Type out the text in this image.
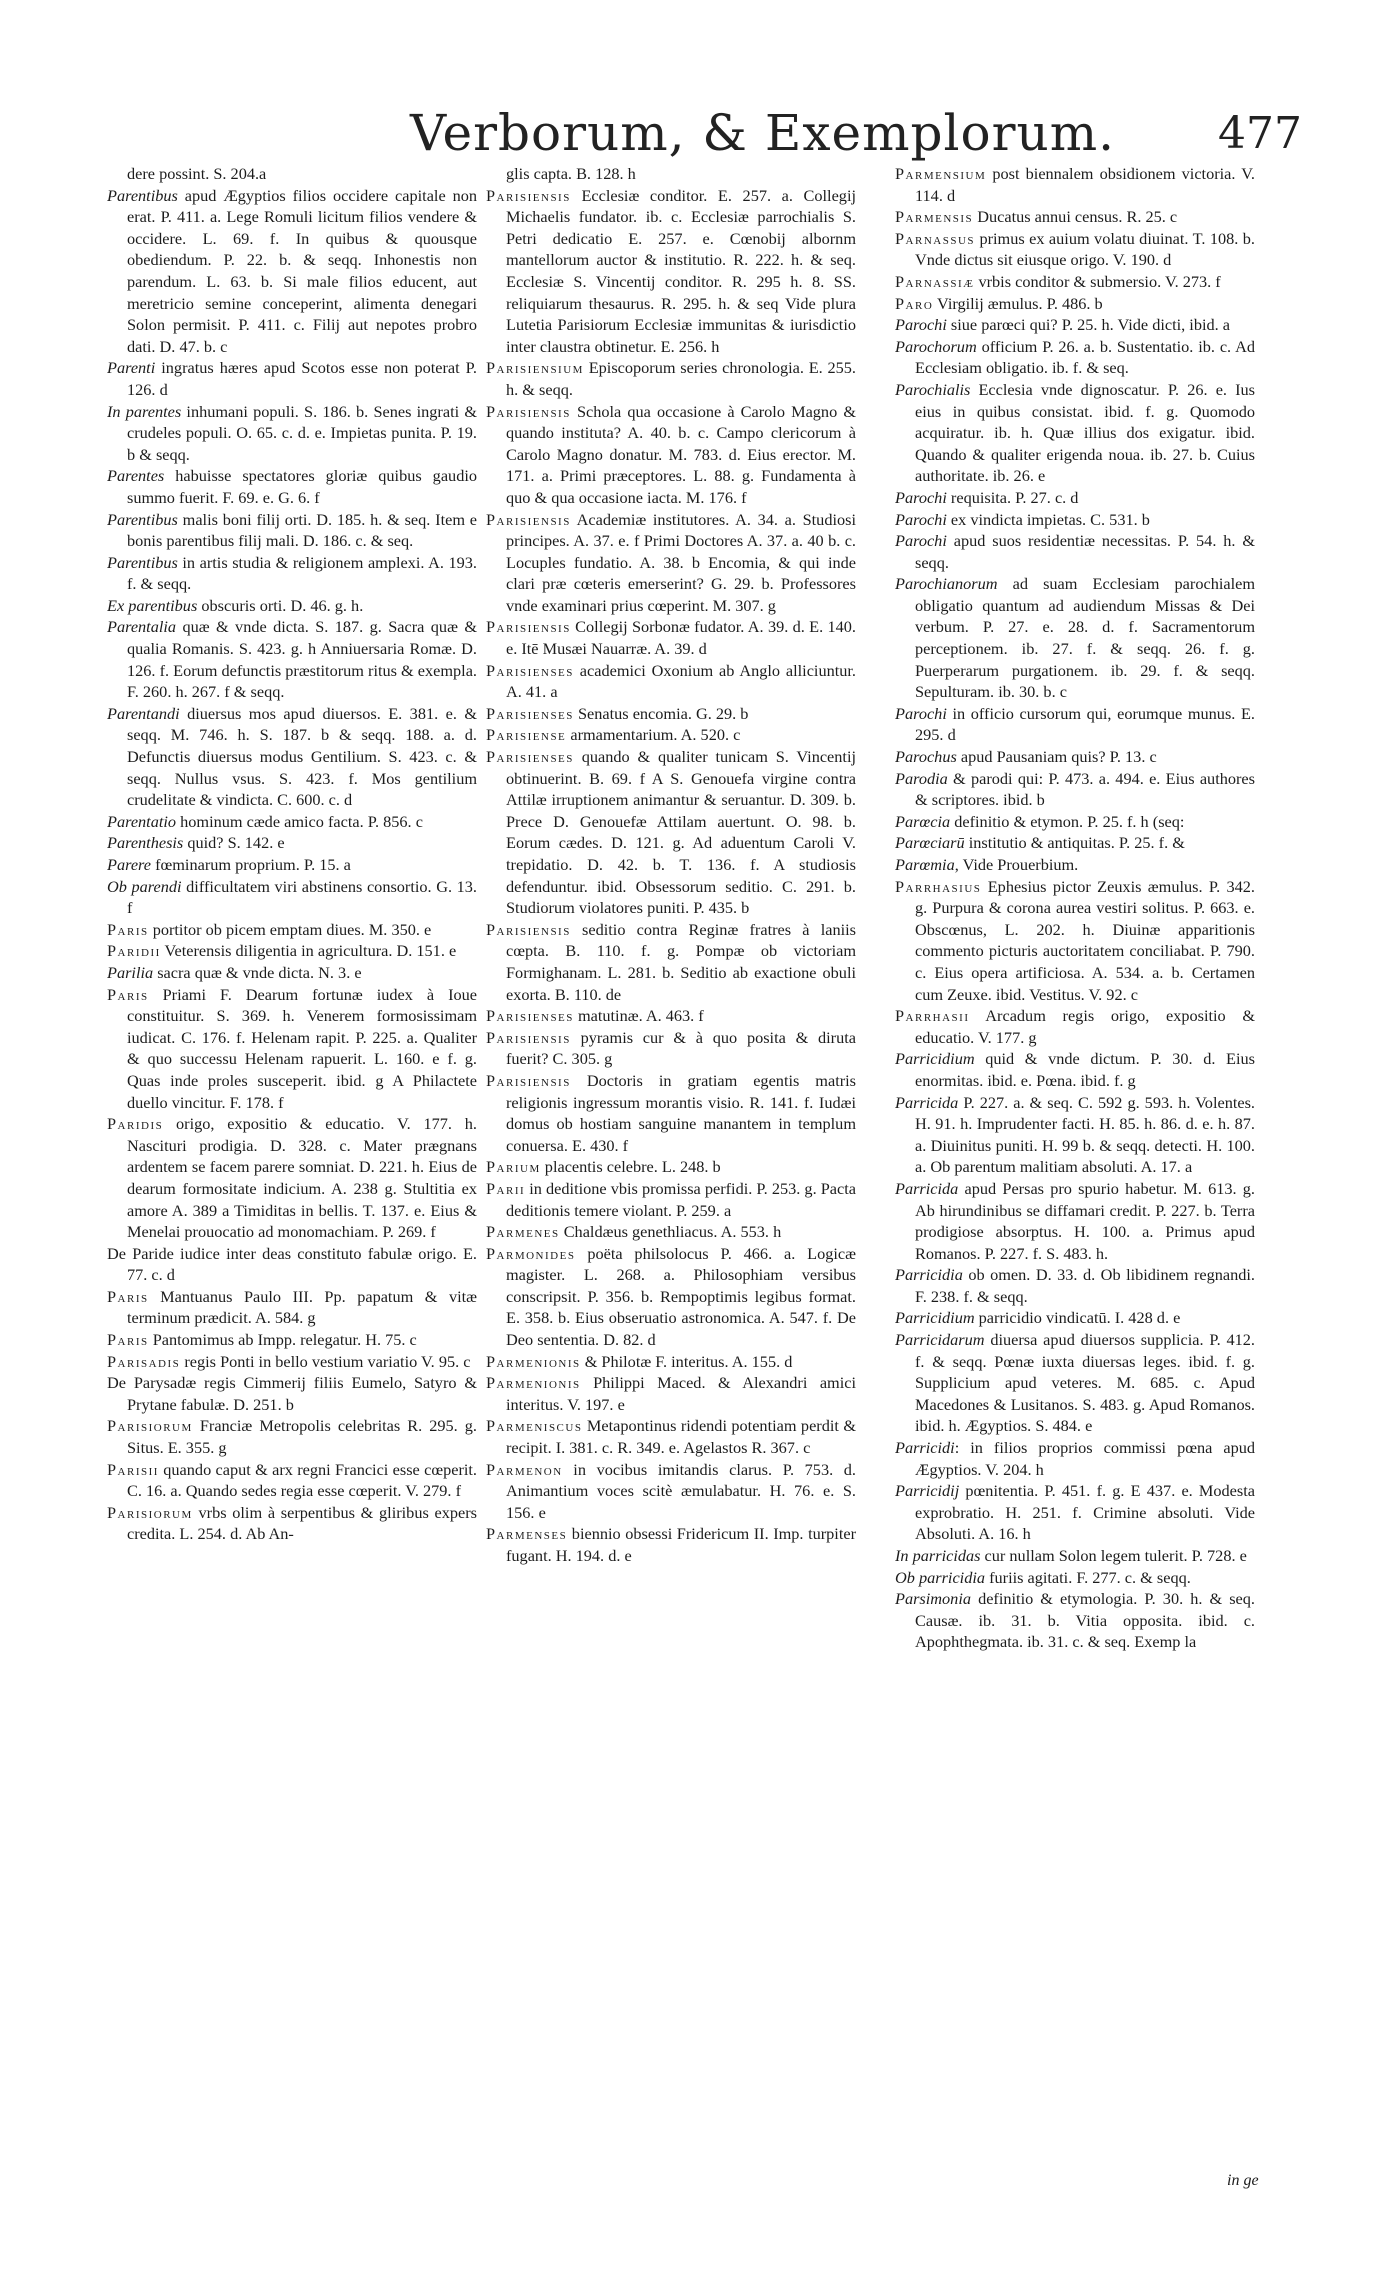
Verborum, & Exemplorum. 477

dere possint. S. 204.a

Parentibus apud Ægyptios filios occidere capitale non erat. P. 411. a. Lege Romuli licitum filios vendere & occidere. L. 69. f. In quibus & quousque obediendum. P. 22. b. & seqq. Inhonestis non parendum. L. 63. b. Si male filios educent, aut meretricio semine conceperint, alimenta denegari Solon permisit. P. 411. c. Filij aut nepotes probro dati. D. 47. b. c

Parenti ingratus hæres apud Scotos esse non poterat P. 126. d

In parentes inhumani populi. S. 186. b. Senes ingrati & crudeles populi. O. 65. c. d. e. Impietas punita. P. 19. b & seqq.

Parentes habuisse spectatores gloriæ quibus gaudio summo fuerit. F. 69. e. G. 6. f

Parentibus malis boni filij orti. D. 185. h. & seq. Item e bonis parentibus filij mali. D. 186. c. & seq.

Parentibus in artis studia & religionem amplexi. A. 193. f. & seqq.

Ex parentibus obscuris orti. D. 46. g. h.

Parentalia quæ & vnde dicta. S. 187. g. Sacra quæ & qualia Romanis. S. 423. g. h Anniuersaria Romæ. D. 126. f. Eorum defunctis præstitorum ritus & exempla. F. 260. h. 267. f & seqq.

Parentandi diuersus mos apud diuersos. E. 381. e. & seqq. M. 746. h. S. 187. b & seqq. 188. a. d. Defunctis diuersus modus Gentilium. S. 423. c. & seqq. Nullus vsus. S. 423. f. Mos gentilium crudelitate & vindicta. C. 600. c. d

Parentatio hominum cæde amico facta. P. 856. c

Parenthesis quid? S. 142. e

Parere fœminarum proprium. P. 15. a

Ob parendi difficultatem viri abstinens consortio. G. 13. f

Paris portitor ob picem emptam diues. M. 350. e

Paridii Veterensis diligentia in agricultura. D. 151. e

Parilia sacra quæ & vnde dicta. N. 3. e

Paris Priami F. Dearum fortunæ iudex à Ioue constituitur. S. 369. h. Venerem formosissimam iudicat. C. 176. f. Helenam rapit. P. 225. a. Qualiter & quo successu Helenam rapuerit. L. 160. e f. g. Quas inde proles susceperit. ibid. g A Philactete duello vincitur. F. 178. f

Paridis origo, expositio & educatio. V. 177. h. Nascituri prodigia. D. 328. c. Mater prægnans ardentem se facem parere somniat. D. 221. h. Eius de dearum formositate indicium. A. 238 g. Stultitia ex amore A. 389 a Timiditas in bellis. T. 137. e. Eius & Menelai prouocatio ad monomachiam. P. 269. f

De Paride iudice inter deas constituto fabulæ origo. E. 77. c. d

Paris Mantuanus Paulo III. Pp. papatum & vitæ terminum prædicit. A. 584. g

Paris Pantomimus ab Impp. relegatur. H. 75. c

Parisadis regis Ponti in bello vestium variatio V. 95. c

De Parysadæ regis Cimmerij filiis Eumelo, Satyro & Prytane fabulæ. D. 251. b

Parisiorum Franciæ Metropolis celebritas R. 295. g. Situs. E. 355. g

Parisii quando caput & arx regni Francici esse cœperit. C. 16. a. Quando sedes regia esse cœperit. V. 279. f

Parisiorum vrbs olim à serpentibus & gliribus expers credita. L. 254. d. Ab An-

glis capta. B. 128. h

Parisiensis Ecclesiæ conditor. E. 257. a. Collegij Michaelis fundator. ib. c. Ecclesiæ parrochialis S. Petri dedicatio E. 257. e. Cœnobij albornm mantellorum auctor & institutio. R. 222. h. & seq. Ecclesiæ S. Vincentij conditor. R. 295 h. 8. SS. reliquiarum thesaurus. R. 295. h. & seq Vide plura Lutetia Parisiorum Ecclesiæ immunitas & iurisdictio inter claustra obtinetur. E. 256. h

Parisiensium Episcoporum series chronologia. E. 255. h. & seqq.

Parisiensis Schola qua occasione à Carolo Magno & quando instituta? A. 40. b. c. Campo clericorum à Carolo Magno donatur. M. 783. d. Eius erector. M. 171. a. Primi præceptores. L. 88. g. Fundamenta à quo & qua occasione iacta. M. 176. f

Parisiensis Academiæ institutores. A. 34. a. Studiosi principes. A. 37. e. f Primi Doctores A. 37. a. 40 b. c. Locuples fundatio. A. 38. b Encomia, & qui inde clari præ cœteris emerserint? G. 29. b. Professores vnde examinari prius cœperint. M. 307. g

Parisiensis Collegij Sorbonæ fudator. A. 39. d. E. 140. e. Itē Musæi Nauarræ. A. 39. d

Parisienses academici Oxonium ab Anglo alliciuntur. A. 41. a

Parisienses Senatus encomia. G. 29. b

Parisiense armamentarium. A. 520. c

Parisienses quando & qualiter tunicam S. Vincentij obtinuerint. B. 69. f A S. Genouefa virgine contra Attilæ irruptionem animantur & seruantur. D. 309. b. Prece D. Genouefæ Attilam auertunt. O. 98. b. Eorum cædes. D. 121. g. Ad aduentum Caroli V. trepidatio. D. 42. b. T. 136. f. A studiosis defenduntur. ibid. Obsessorum seditio. C. 291. b. Studiorum violatores puniti. P. 435. b

Parisiensis seditio contra Reginæ fratres à laniis cœpta. B. 110. f. g. Pompæ ob victoriam Formighanam. L. 281. b. Seditio ab exactione obuli exorta. B. 110. de

Parisienses matutinæ. A. 463. f

Parisiensis pyramis cur & à quo posita & diruta fuerit? C. 305. g

Parisiensis Doctoris in gratiam egentis matris religionis ingressum morantis visio. R. 141. f. Iudæi domus ob hostiam sanguine manantem in templum conuersa. E. 430. f

Parium placentis celebre. L. 248. b

Parii in deditione vbis promissa perfidi. P. 253. g. Pacta deditionis temere violant. P. 259. a

Parmenes Chaldæus genethliacus. A. 553. h

Parmonides poëta philsolocus P. 466. a. Logicæ magister. L. 268. a. Philosophiam versibus conscripsit. P. 356. b. Rempoptimis legibus format. E. 358. b. Eius obseruatio astronomica. A. 547. f. De Deo sententia. D. 82. d

Parmenionis & Philotæ F. interitus. A. 155. d

Parmenionis Philippi Maced. & Alexandri amici interitus. V. 197. e

Parmeniscus Metapontinus ridendi potentiam perdit & recipit. I. 381. c. R. 349. e. Agelastos R. 367. c

Parmenon in vocibus imitandis clarus. P. 753. d. Animantium voces scitè æmulabatur. H. 76. e. S. 156. e

Parmenses biennio obsessi Fridericum II. Imp. turpiter fugant. H. 194. d. e

Parmensium post biennalem obsidionem victoria. V. 114. d

Parmensis Ducatus annui census. R. 25. c

Parnassus primus ex auium volatu diuinat. T. 108. b. Vnde dictus sit eiusque origo. V. 190. d

Parnassiæ vrbis conditor & submersio. V. 273. f

Paro Virgilij æmulus. P. 486. b

Parochi siue parœci qui? P. 25. h. Vide dicti, ibid. a

Parochorum officium P. 26. a. b. Sustentatio. ib. c. Ad Ecclesiam obligatio. ib. f. & seq.

Parochialis Ecclesia vnde dignoscatur. P. 26. e. Ius eius in quibus consistat. ibid. f. g. Quomodo acquiratur. ib. h. Quæ illius dos exigatur. ibid. Quando & qualiter erigenda noua. ib. 27. b. Cuius authoritate. ib. 26. e

Parochi requisita. P. 27. c. d

Parochi ex vindicta impietas. C. 531. b

Parochi apud suos residentiæ necessitas. P. 54. h. & seqq.

Parochianorum ad suam Ecclesiam parochialem obligatio quantum ad audiendum Missas & Dei verbum. P. 27. e. 28. d. f. Sacramentorum perceptionem. ib. 27. f. & seqq. 26. f. g. Puerperarum purgationem. ib. 29. f. & seqq. Sepulturam. ib. 30. b. c

Parochi in officio cursorum qui, eorumque munus. E. 295. d

Parochus apud Pausaniam quis? P. 13. c

Parodia & parodi qui: P. 473. a. 494. e. Eius authores & scriptores. ibid. b

Parœcia definitio & etymon. P. 25. f. h (seq:

Parœciarū institutio & antiquitas. P. 25. f. &

Parœmia, Vide Prouerbium.

Parrhasius Ephesius pictor Zeuxis æmulus. P. 342. g. Purpura & corona aurea vestiri solitus. P. 663. e. Obscœnus, L. 202. h. Diuinæ apparitionis commento picturis auctoritatem conciliabat. P. 790. c. Eius opera artificiosa. A. 534. a. b. Certamen cum Zeuxe. ibid. Vestitus. V. 92. c

Parrhasii Arcadum regis origo, expositio & educatio. V. 177. g

Parricidium quid & vnde dictum. P. 30. d. Eius enormitas. ibid. e. Pœna. ibid. f. g

Parricida P. 227. a. & seq. C. 592 g. 593. h. Volentes. H. 91. h. Imprudenter facti. H. 85. h. 86. d. e. h. 87. a. Diuinitus puniti. H. 99 b. & seqq. detecti. H. 100. a. Ob parentum malitiam absoluti. A. 17. a

Parricida apud Persas pro spurio habetur. M. 613. g. Ab hirundinibus se diffamari credit. P. 227. b. Terra prodigiose absorptus. H. 100. a. Primus apud Romanos. P. 227. f. S. 483. h.

Parricidia ob omen. D. 33. d. Ob libidinem regnandi. F. 238. f. & seqq.

Parricidium parricidio vindicatū. I. 428 d. e

Parricidarum diuersa apud diuersos supplicia. P. 412. f. & seqq. Pœnæ iuxta diuersas leges. ibid. f. g. Supplicium apud veteres. M. 685. c. Apud Macedones & Lusitanos. S. 483. g. Apud Romanos. ibid. h. Ægyptios. S. 484. e

Parricidi: in filios proprios commissi pœna apud Ægyptios. V. 204. h

Parricidij pœnitentia. P. 451. f. g. E 437. e. Modesta exprobratio. H. 251. f. Crimine absoluti. Vide Absoluti. A. 16. h

In parricidas cur nullam Solon legem tulerit. P. 728. e

Ob parricidia furiis agitati. F. 277. c. & seqq.

Parsimonia definitio & etymologia. P. 30. h. & seq. Causæ. ib. 31. b. Vitia opposita. ibid. c. Apophthegmata. ib. 31. c. & seq. Exemp la

in ge
